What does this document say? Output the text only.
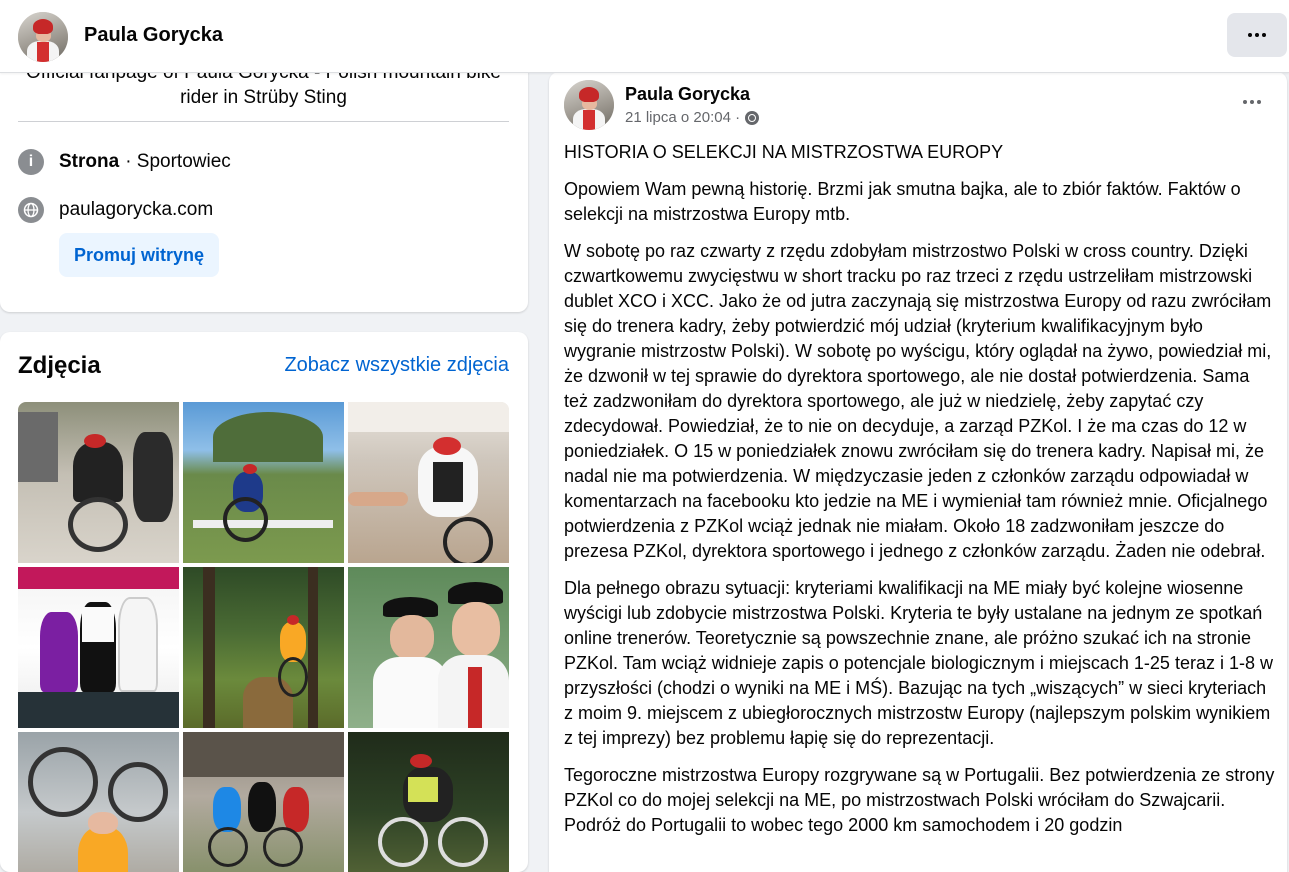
Paula Gorycka
rider in Strüby Sting
i	Strona · Sportowiec
paulagorycka.com
Promuj witrynę
Zdjęcia	Zobacz wszystkie zdjęcia
Paula Gorycka
21 lipca o 20:04 ·

HISTORIA O SELEKCJI NA MISTRZOSTWA EUROPY

Opowiem Wam pewną historię. Brzmi jak smutna bajka, ale to zbiór faktów. Faktów o selekcji na mistrzostwa Europy mtb.

W sobotę po raz czwarty z rzędu zdobyłam mistrzostwo Polski w cross country. Dzięki czwartkowemu zwycięstwu w short tracku po raz trzeci z rzędu ustrzeliłam mistrzowski dublet XCO i XCC. Jako że od jutra zaczynają się mistrzostwa Europy od razu zwróciłam się do trenera kadry, żeby potwierdzić mój udział (kryterium kwalifikacyjnym było wygranie mistrzostw Polski). W sobotę po wyścigu, który oglądał na żywo, powiedział mi, że dzwonił w tej sprawie do dyrektora sportowego, ale nie dostał potwierdzenia. Sama też zadzwoniłam do dyrektora sportowego, ale już w niedzielę, żeby zapytać czy zdecydował. Powiedział, że to nie on decyduje, a zarząd PZKol. I że ma czas do 12 w poniedziałek. O 15 w poniedziałek znowu zwróciłam się do trenera kadry. Napisał mi, że nadal nie ma potwierdzenia. W międzyczasie jeden z członków zarządu odpowiadał w komentarzach na facebooku kto jedzie na ME i wymieniał tam również mnie. Oficjalnego potwierdzenia z PZKol wciąż jednak nie miałam. Około 18 zadzwoniłam jeszcze do prezesa PZKol, dyrektora sportowego i jednego z członków zarządu. Żaden nie odebrał.

Dla pełnego obrazu sytuacji: kryteriami kwalifikacji na ME miały być kolejne wiosenne wyścigi lub zdobycie mistrzostwa Polski. Kryteria te były ustalane na jednym ze spotkań online trenerów. Teoretycznie są powszechnie znane, ale próżno szukać ich na stronie PZKol. Tam wciąż widnieje zapis o potencjale biologicznym i miejscach 1-25 teraz i 1-8 w przyszłości (chodzi o wyniki na ME i MŚ). Bazując na tych „wiszących” w sieci kryteriach z moim 9. miejscem z ubiegłorocznych mistrzostw Europy (najlepszym polskim wynikiem z tej imprezy) bez problemu łapię się do reprezentacji.

Tegoroczne mistrzostwa Europy rozgrywane są w Portugalii. Bez potwierdzenia ze strony PZKol co do mojej selekcji na ME, po mistrzostwach Polski wróciłam do Szwajcarii. Podróż do Portugalii to wobec tego 2000 km samochodem i 20 godzin
